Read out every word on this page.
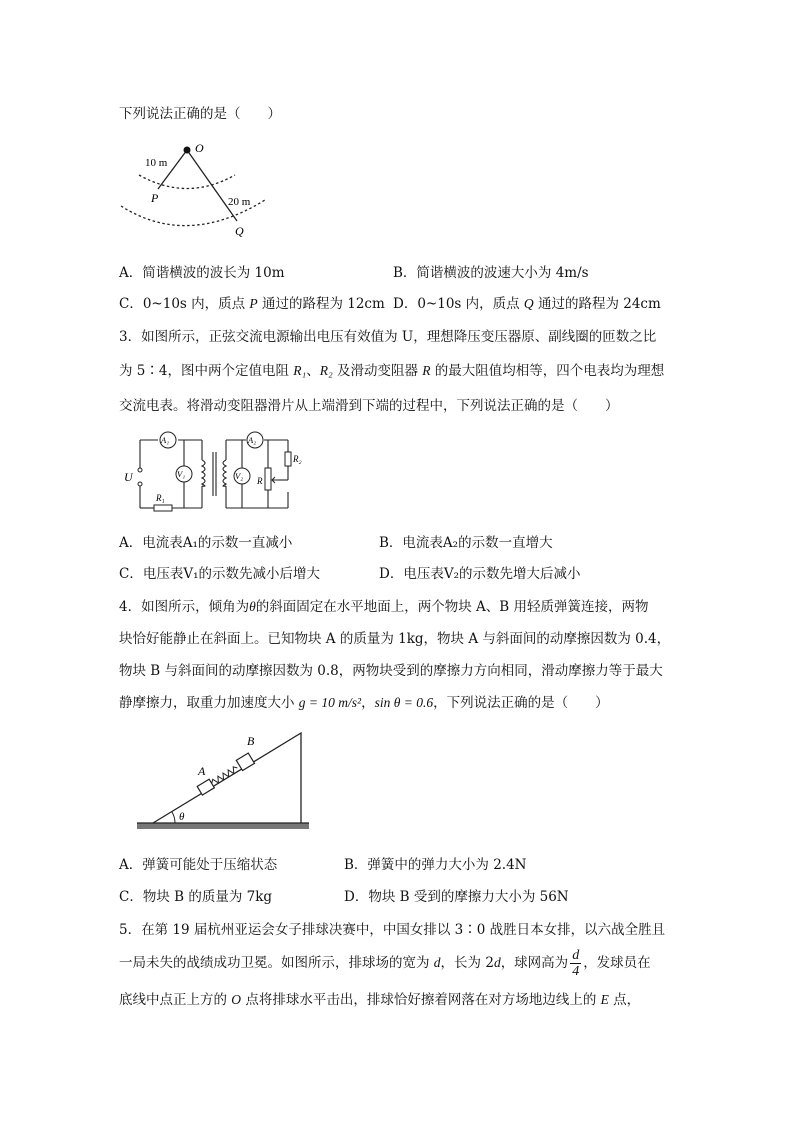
下列说法正确的是（　　）
O
10 m
P	20 m
Q
A．简谐横波的波长为 10m	B．简谐横波的波速大小为 4m/s
C．0~10s 内，质点 P 通过的路程为 12cm D．0~10s 内，质点 Q 通过的路程为 24cm
3．如图所示，正弦交流电源输出电压有效值为 U，理想降压变压器原、副线圈的匝数之比
为 5∶4，图中两个定值电阻 R₁、R₂ 及滑动变阻器 R 的最大阻值均相等，四个电表均为理想
交流电表。将滑动变阻器滑片从上端滑到下端的过程中，下列说法正确的是（　　）
U
A₁
V₁
A₂
V₂
R₁
R₂
R
A．电流表A₁的示数一直减小	B．电流表A₂的示数一直增大
C．电压表V₁的示数先减小后增大	D．电压表V₂的示数先增大后减小
4．如图所示，倾角为θ的斜面固定在水平地面上，两个物块 A、B 用轻质弹簧连接，两物
块恰好能静止在斜面上。已知物块 A 的质量为 1kg，物块 A 与斜面间的动摩擦因数为 0.4，
物块 B 与斜面间的动摩擦因数为 0.8，两物块受到的摩擦力方向相同，滑动摩擦力等于最大
静摩擦力，取重力加速度大小 g = 10 m/s²，sin θ = 0.6，下列说法正确的是（　　）
θ
A
B
A．弹簧可能处于压缩状态	B．弹簧中的弹力大小为 2.4N
C．物块 B 的质量为 7kg	D．物块 B 受到的摩擦力大小为 56N
5．在第 19 届杭州亚运会女子排球决赛中，中国女排以 3∶0 战胜日本女排，以六战全胜且
一局未失的战绩成功卫冕。如图所示，排球场的宽为 d，长为 2d，球网高为 $\frac{d}{4}$ ，发球员在
底线中点正上方的 O 点将排球水平击出，排球恰好擦着网落在对方场地边线上的 E 点，
